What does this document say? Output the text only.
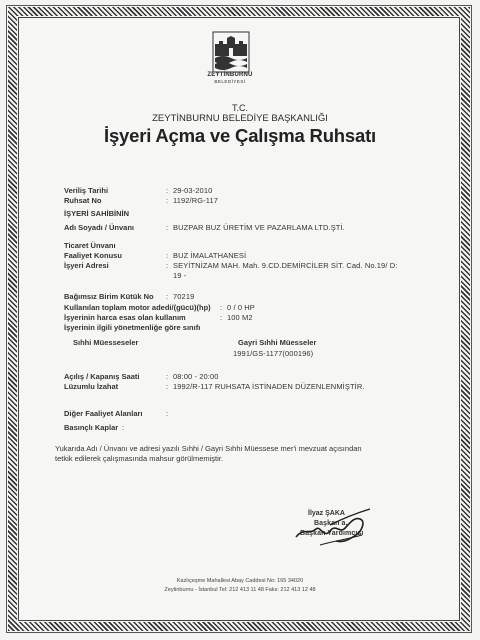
ZEYTİNBURNU
BELEDİYESİ
T.C.
ZEYTİNBURNU BELEDİYE BAŞKANLIĞI
İşyeri Açma ve Çalışma Ruhsatı
Veriliş Tarihi	: 29-03-2010
Ruhsat No	: 1192/RG-117
İŞYERİ SAHİBİNİN
Adı Soyadı / Ünvanı	: BUZPAR BUZ ÜRETİM VE PAZARLAMA LTD.ŞTİ.
Ticaret Ünvanı
Faaliyet Konusu	: BUZ İMALATHANESİ
İşyeri Adresi	: SEYİTNİZAM MAH. Mah. 9.CD.DEMİRCİLER SİT. Cad. No.19/ D:
19 -
Bağımsız Birim Kütük No : 70219
Kullanılan toplam motor adedi/(gücü)(hp) : 0 / 0 HP
İşyerinin harca esas olan kullanım	: 100 M2
İşyerinin ilgili yönetmenliğe göre sınıfı
Sıhhi Müesseseler	Gayri Sıhhi Müesseler
1991/GS-1177(000196)
Açılış / Kapanış Saati	: 08:00 - 20:00
Lüzumlu İzahat	: 1992/R-117 RUHSATA İSTİNADEN DÜZENLENMİŞTİR.
Diğer Faaliyet Alanları	:
Basınçlı Kaplar :
Yukarıda Adı / Ünvanı ve adresi yazılı Sıhhi / Gayri Sıhhi Müessese mer'i mevzuat açısından
tetkik edilerek çalışmasında mahsur görülmemiştir.
İlyaz ŞAKA
Başkan a.
Başkan Yardımcısı
Kazlıçeşme Mahallesi Abay Caddesi No: 165 34020
Zeytinburnu - İstanbul Tel: 212 413 11 48 Faks: 212 413 12 48
